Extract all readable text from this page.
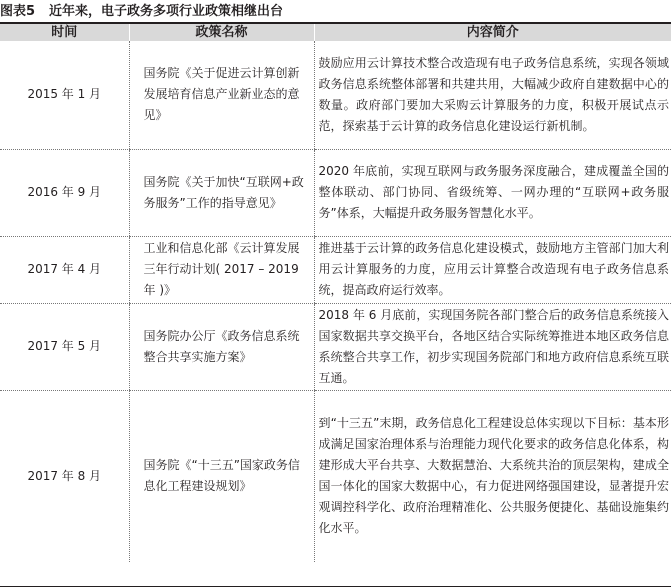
图表5 近年来，电子政务多项行业政策相继出台
时间	政策名称	内容简介
2015 年 1 月	国务院《关于促进云计算创新发展培育信息产业新业态的意见》	鼓励应用云计算技术整合改造现有电子政务信息系统，实现各领域政务信息系统整体部署和共建共用，大幅减少政府自建数据中心的数量。政府部门要加大采购云计算服务的力度，积极开展试点示范，探索基于云计算的政务信息化建设运行新机制。
2016 年 9 月	国务院《关于加快“互联网+政务服务”工作的指导意见》	2020 年底前，实现互联网与政务服务深度融合，建成覆盖全国的整体联动、部门协同、省级统筹、一网办理的“互联网+政务服务”体系，大幅提升政务服务智慧化水平。
2017 年 4 月	工业和信息化部《云计算发展三年行动计划( 2017 – 2019 年 )》	推进基于云计算的政务信息化建设模式，鼓励地方主管部门加大利用云计算服务的力度，应用云计算整合改造现有电子政务信息系统，提高政府运行效率。
2017 年 5 月	国务院办公厅《政务信息系统整合共享实施方案》	2018 年 6 月底前，实现国务院各部门整合后的政务信息系统接入国家数据共享交换平台，各地区结合实际统筹推进本地区政务信息系统整合共享工作，初步实现国务院部门和地方政府信息系统互联互通。
2017 年 8 月	国务院《“十三五”国家政务信息化工程建设规划》	到“十三五”末期，政务信息化工程建设总体实现以下目标：基本形成满足国家治理体系与治理能力现代化要求的政务信息化体系，构建形成大平台共享、大数据慧治、大系统共治的顶层架构，建成全国一体化的国家大数据中心，有力促进网络强国建设，显著提升宏观调控科学化、政府治理精准化、公共服务便捷化、基础设施集约化水平。
